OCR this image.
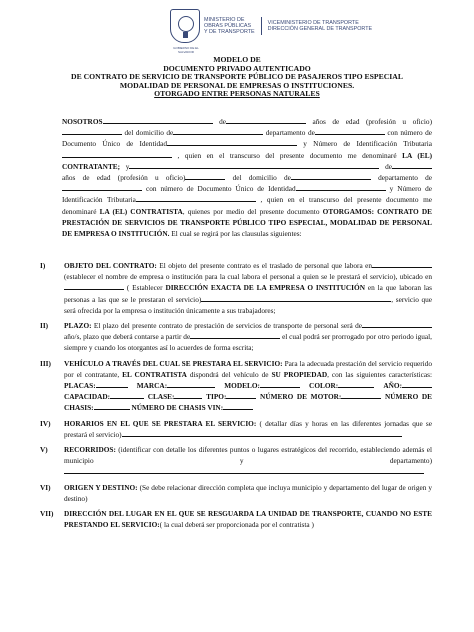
GOBIERNO DE EL SALVADOR
MINISTERIO DE
OBRAS PÚBLICAS
Y DE TRANSPORTE
VICEMINISTERIO DE TRANSPORTE
DIRECCIÓN GENERAL DE TRANSPORTE
MODELO DE
DOCUMENTO PRIVADO AUTENTICADO
DE CONTRATO DE SERVICIO DE TRANSPORTE PÚBLICO DE PASAJEROS TIPO ESPECIAL
MODALIDAD DE PERSONAL DE EMPRESAS O INSTITUCIONES.
OTORGADO ENTRE PERSONAS NATURALES

NOSOTROS	de	años de edad (profesión u oficio) del domicilio de	departamento de	con número de Documento Único de Identidad	y Número de Identificación Tributaria , quien en el transcurso del presente documento me denominaré LA (EL) CONTRATANTE; y	de años de edad (profesión u oficio)	del domicilio de	departamento de con número de Documento Único de Identidad	y Número de Identificación Tributaria	, quien en el transcurso del presente documento me denominaré LA (EL) CONTRATISTA, quienes por medio del presente documento OTORGAMOS: CONTRATO DE PRESTACIÓN DE SERVICIOS DE TRANSPORTE PÚBLICO TIPO ESPECIAL, MODALIDAD DE PERSONAL DE EMPRESA O INSTITUCIÓN. El cual se regirá por las clausulas siguientes:

I)	OBJETO DEL CONTRATO: El objeto del presente contrato es el traslado de personal que labora en (establecer el nombre de empresa o institución para la cual labora el personal a quien se le prestará el servicio), ubicado en ( Establecer DIRECCIÓN EXACTA DE LA EMPRESA O INSTITUCIÓN en la que laboran las personas a las que se le prestaran el servicio)	, servicio que será ofrecida por la empresa o institución únicamente a sus trabajadores;
II)	PLAZO: El plazo del presente contrato de prestación de servicios de transporte de personal será de año/s, plazo que deberá contarse a partir de	el cual podrá ser prorrogado por otro periodo igual, siempre y cuando los otorgantes así lo acuerdes de forma escrita;
III)	VEHÍCULO A TRAVÉS DEL CUAL SE PRESTARA EL SERVICIO: Para la adecuada prestación del servicio requerido por el contratante, EL CONTRATISTA dispondrá del vehículo de SU PROPIEDAD, con las siguientes características: PLACAS:	MARCA:	MODELO:	COLOR:	AÑO: CAPACIDAD:	CLASE:	TIPO:	NÚMERO DE MOTOR:	NÚMERO DE CHASIS:	NÚMERO DE CHASIS VIN:
IV)	HORARIOS EN EL QUE SE PRESTARA EL SERVICIO: ( detallar días y horas en las diferentes jornadas que se prestará el servicio)
V)	RECORRIDOS: (identificar con detalle los diferentes puntos o lugares estratégicos del recorrido, estableciendo además el municipio y departamento)
VI)	ORIGEN Y DESTINO: (Se debe relacionar dirección completa que incluya municipio y departamento del lugar de origen y destino)
VII)	DIRECCIÓN DEL LUGAR EN EL QUE SE RESGUARDA LA UNIDAD DE TRANSPORTE, CUANDO NO ESTE PRESTANDO EL SERVICIO:( la cual deberá ser proporcionada por el contratista )
